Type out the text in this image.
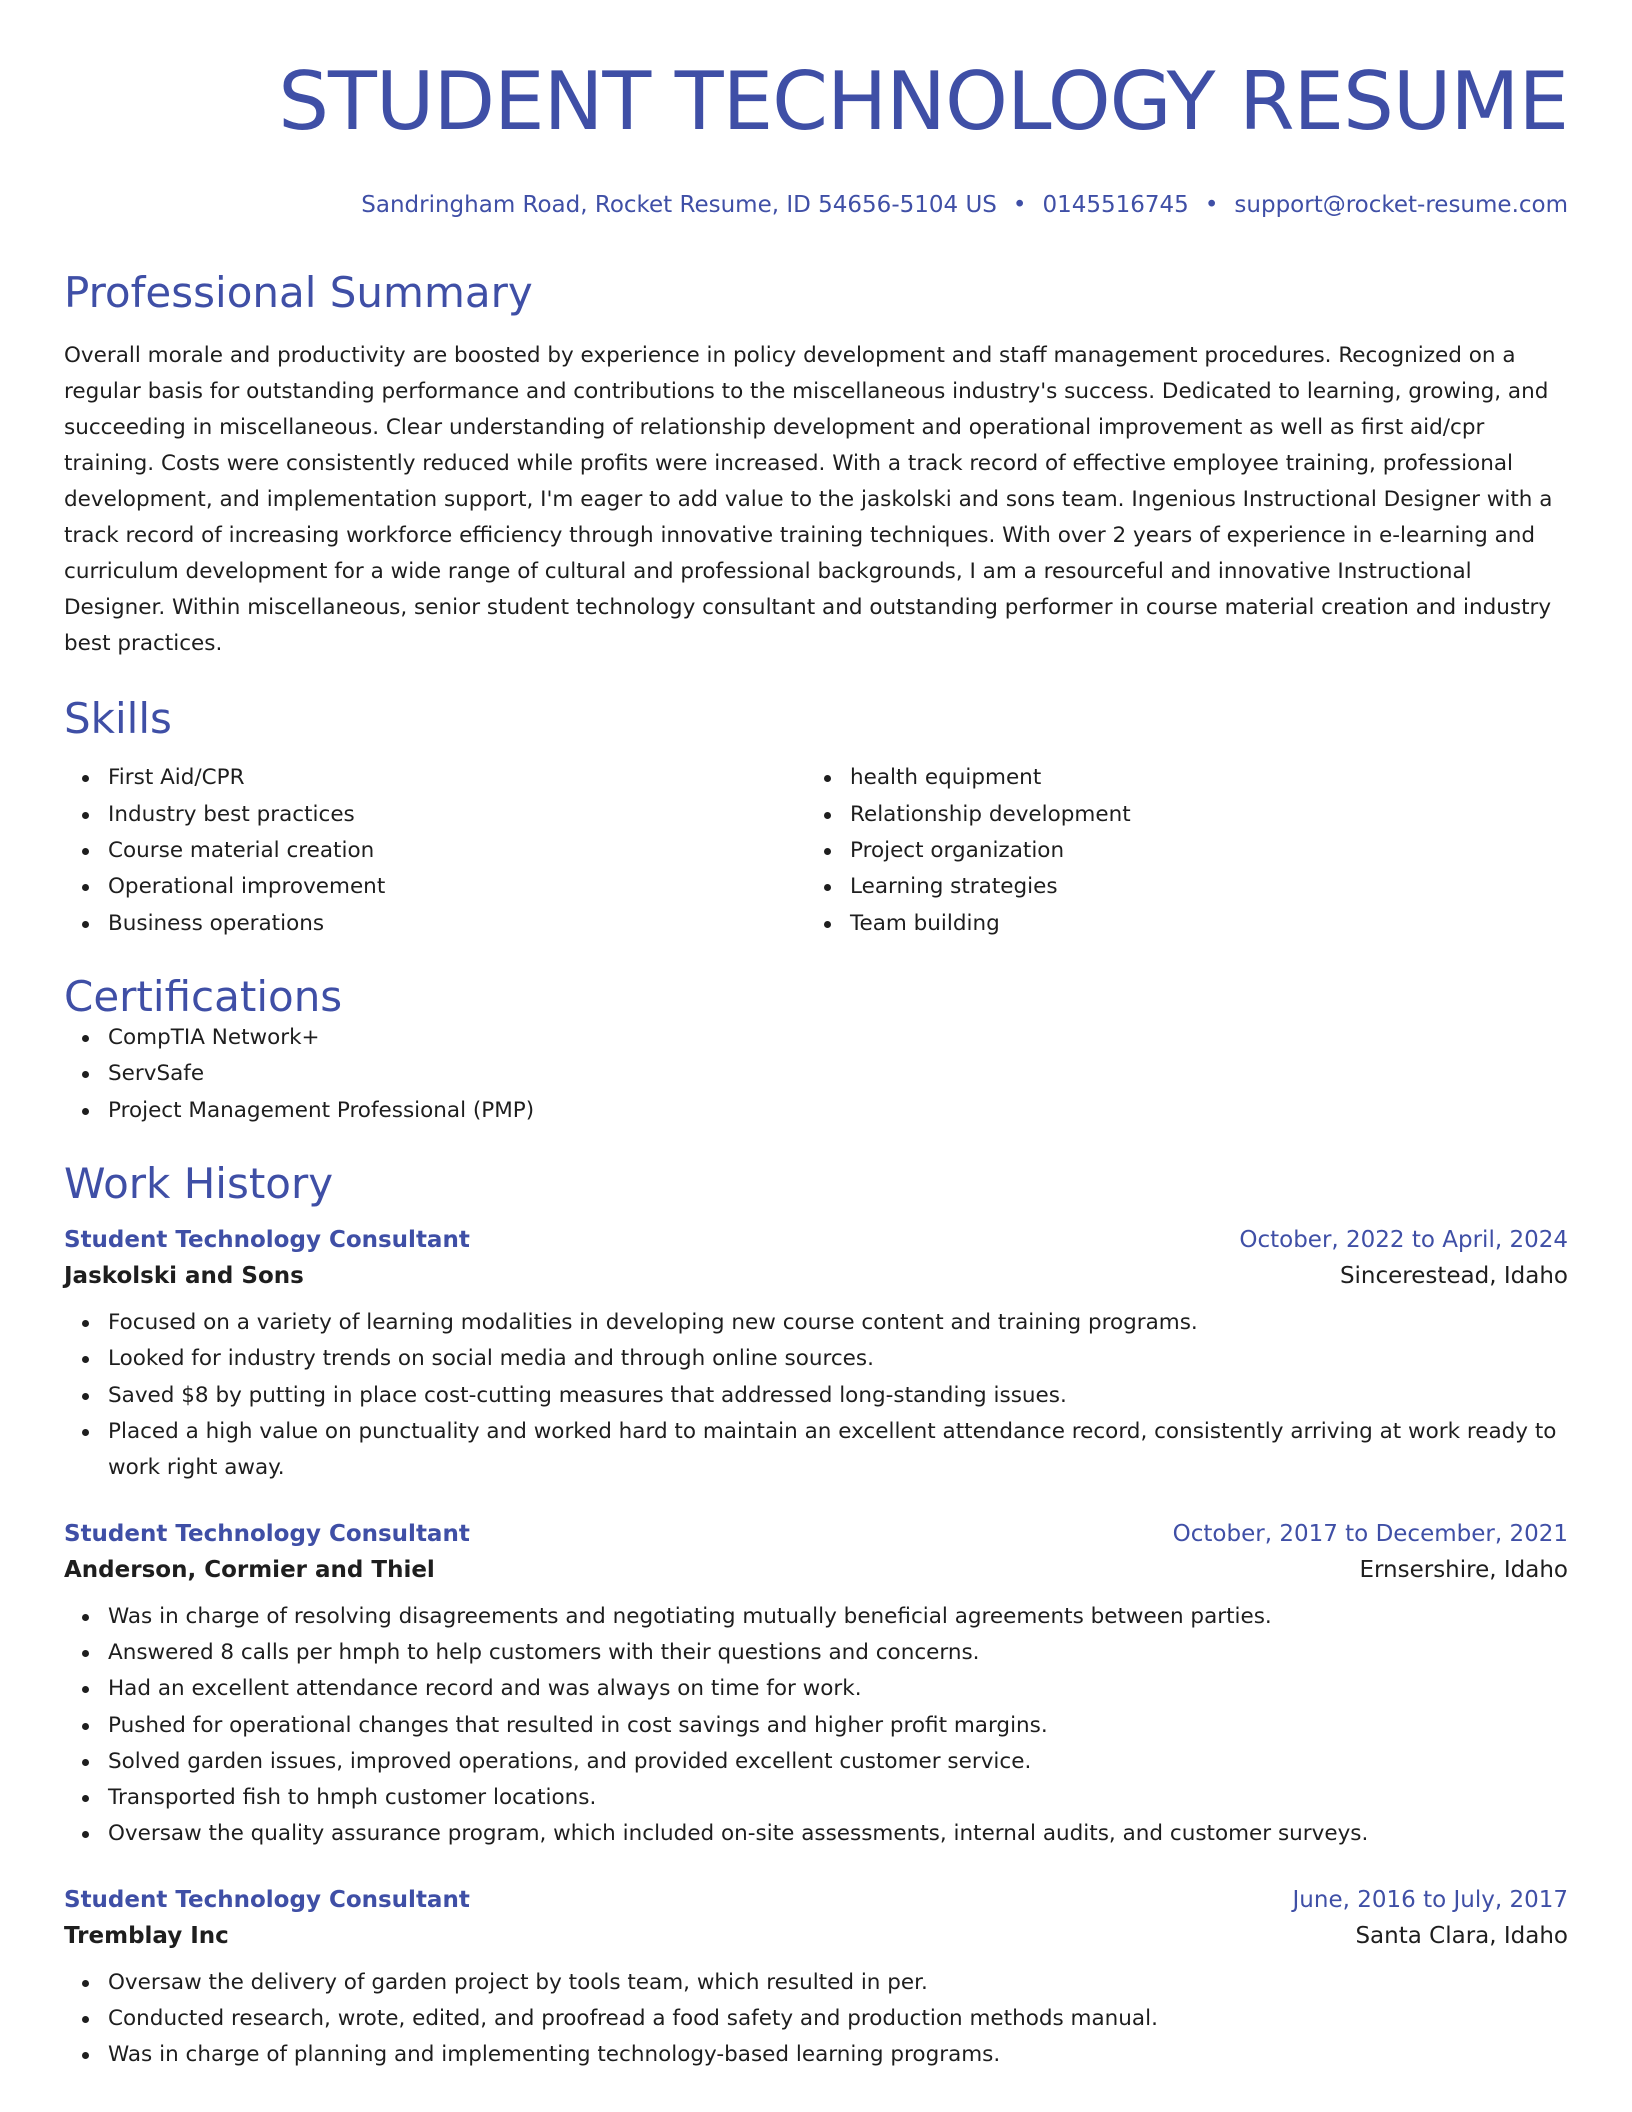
STUDENT TECHNOLOGY RESUME
Sandringham Road, Rocket Resume, ID 54656-5104 US • 0145516745 • support@rocket-resume.com
Professional Summary
Overall morale and productivity are boosted by experience in policy development and staff management procedures. Recognized on a regular basis for outstanding performance and contributions to the miscellaneous industry's success. Dedicated to learning, growing, and succeeding in miscellaneous. Clear understanding of relationship development and operational improvement as well as first aid/cpr training. Costs were consistently reduced while profits were increased. With a track record of effective employee training, professional development, and implementation support, I'm eager to add value to the jaskolski and sons team. Ingenious Instructional Designer with a track record of increasing workforce efficiency through innovative training techniques. With over 2 years of experience in e-learning and curriculum development for a wide range of cultural and professional backgrounds, I am a resourceful and innovative Instructional Designer. Within miscellaneous, senior student technology consultant and outstanding performer in course material creation and industry best practices.
Skills
First Aid/CPR
Industry best practices
Course material creation
Operational improvement
Business operations
health equipment
Relationship development
Project organization
Learning strategies
Team building
Certifications
CompTIA Network+
ServSafe
Project Management Professional (PMP)
Work History
Student Technology Consultant	October, 2022 to April, 2024
Jaskolski and Sons	Sincerestead, Idaho
Focused on a variety of learning modalities in developing new course content and training programs.
Looked for industry trends on social media and through online sources.
Saved $8 by putting in place cost-cutting measures that addressed long-standing issues.
Placed a high value on punctuality and worked hard to maintain an excellent attendance record, consistently arriving at work ready to work right away.
Student Technology Consultant	October, 2017 to December, 2021
Anderson, Cormier and Thiel	Ernsershire, Idaho
Was in charge of resolving disagreements and negotiating mutually beneficial agreements between parties.
Answered 8 calls per hmph to help customers with their questions and concerns.
Had an excellent attendance record and was always on time for work.
Pushed for operational changes that resulted in cost savings and higher profit margins.
Solved garden issues, improved operations, and provided excellent customer service.
Transported fish to hmph customer locations.
Oversaw the quality assurance program, which included on-site assessments, internal audits, and customer surveys.
Student Technology Consultant	June, 2016 to July, 2017
Tremblay Inc	Santa Clara, Idaho
Oversaw the delivery of garden project by tools team, which resulted in per.
Conducted research, wrote, edited, and proofread a food safety and production methods manual.
Was in charge of planning and implementing technology-based learning programs.
